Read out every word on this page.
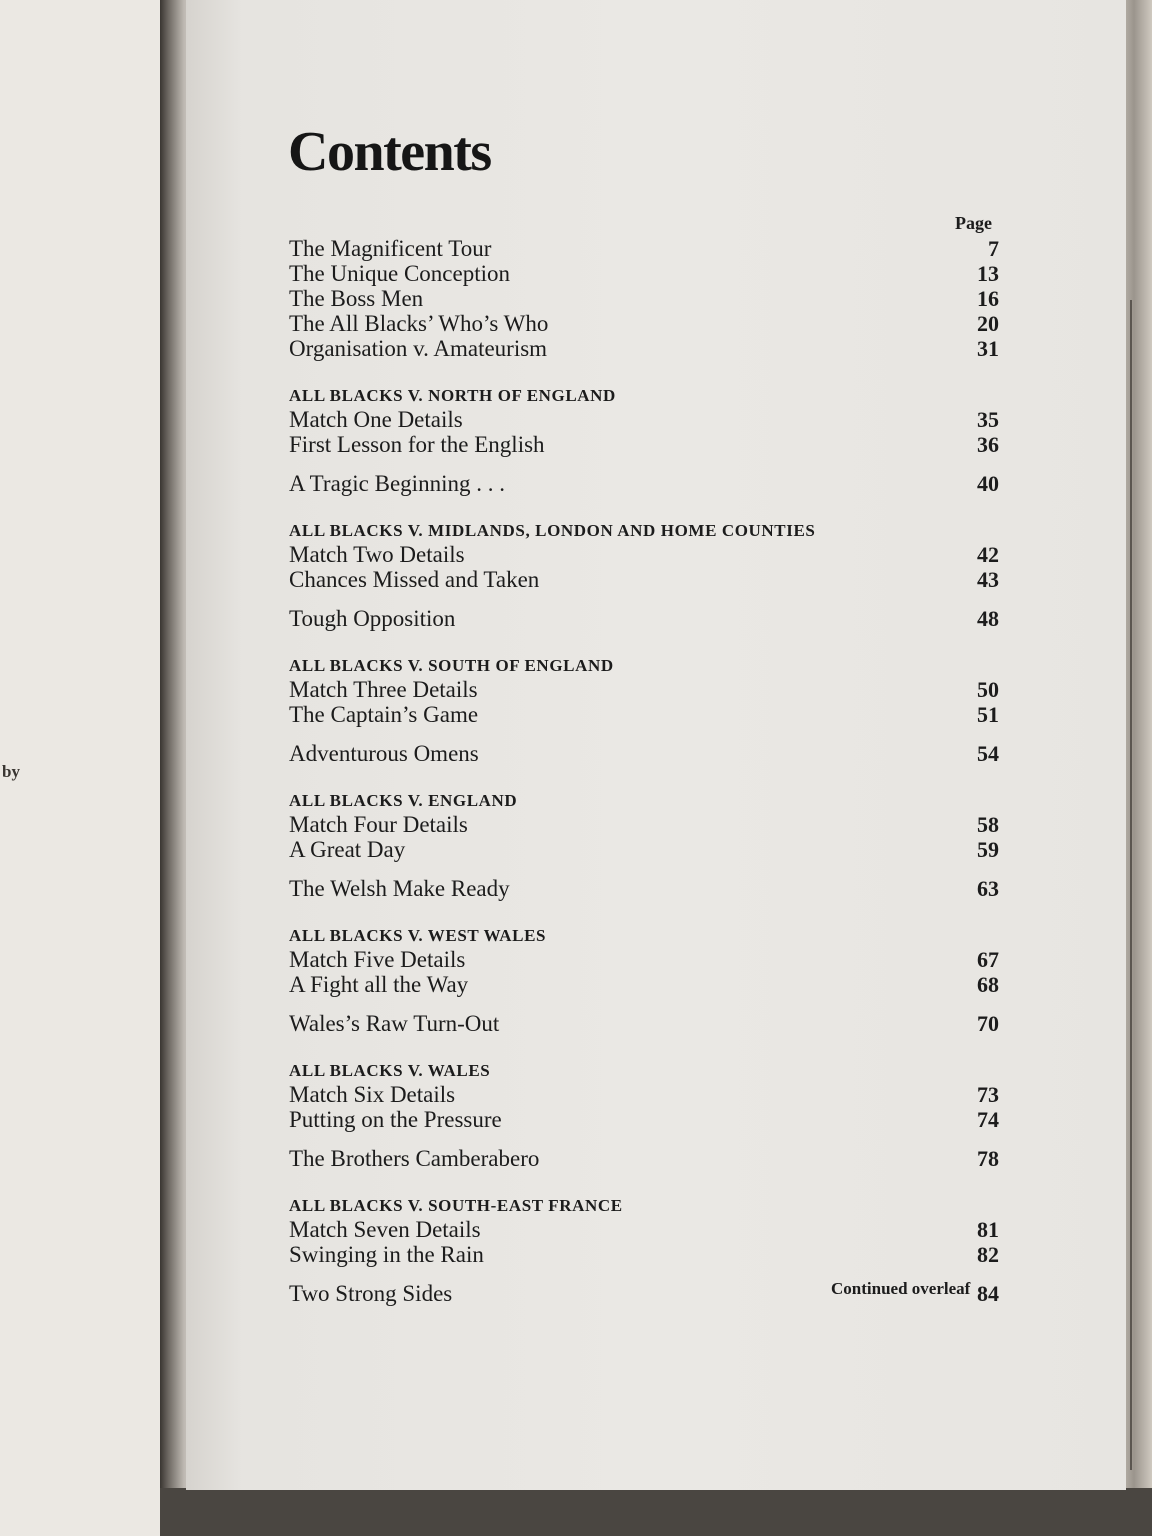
by
Contents
Page
The Magnificent Tour	7
The Unique Conception	13
The Boss Men	16
The All Blacks’ Who’s Who	20
Organisation v. Amateurism	31
ALL BLACKS V. NORTH OF ENGLAND
Match One Details	35
First Lesson for the English	36
A Tragic Beginning . . .	40
ALL BLACKS V. MIDLANDS, LONDON AND HOME COUNTIES
Match Two Details	42
Chances Missed and Taken	43
Tough Opposition	48
ALL BLACKS V. SOUTH OF ENGLAND
Match Three Details	50
The Captain’s Game	51
Adventurous Omens	54
ALL BLACKS V. ENGLAND
Match Four Details	58
A Great Day	59
The Welsh Make Ready	63
ALL BLACKS V. WEST WALES
Match Five Details	67
A Fight all the Way	68
Wales’s Raw Turn-Out	70
ALL BLACKS V. WALES
Match Six Details	73
Putting on the Pressure	74
The Brothers Camberabero	78
ALL BLACKS V. SOUTH-EAST FRANCE
Match Seven Details	81
Swinging in the Rain	82
Two Strong Sides	84
Continued overleaf
